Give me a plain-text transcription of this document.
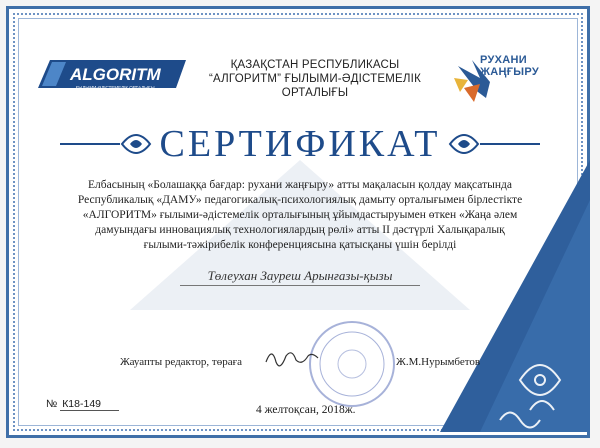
ALGORITM
ҒЫЛЫМИ-ӘДІСТЕМЕЛІК ОРТАЛЫҒЫ
ҚАЗАҚСТАН РЕСПУБЛИКАСЫ
“АЛГОРИТМ” ҒЫЛЫМИ-ӘДІСТЕМЕЛІК
ОРТАЛЫҒЫ
РУХАНИ
ЖАҢҒЫРУ
СЕРТИФИКАТ
Елбасының «Болашаққа бағдар: рухани жаңғыру» атты мақаласын қолдау мақсатында
Республикалық «ДАМУ» педагогикалық-психологиялық дамыту орталығымен бірлестікте
«АЛГОРИТМ» ғылыми-әдістемелік орталығының ұйымдастыруымен өткен «Жаңа әлем
дамуындағы инновациялық технологиялардың рөлі» атты II дәстүрлі Халықаралық
ғылыми-тәжірибелік конференциясына қатысқаны үшін берілді
Төлеухан Зауреш Арынғазы-қызы
Жауапты редактор, төраға	Ж.М.Нурымбетов
№ К18-149	4 желтоқсан, 2018ж.
